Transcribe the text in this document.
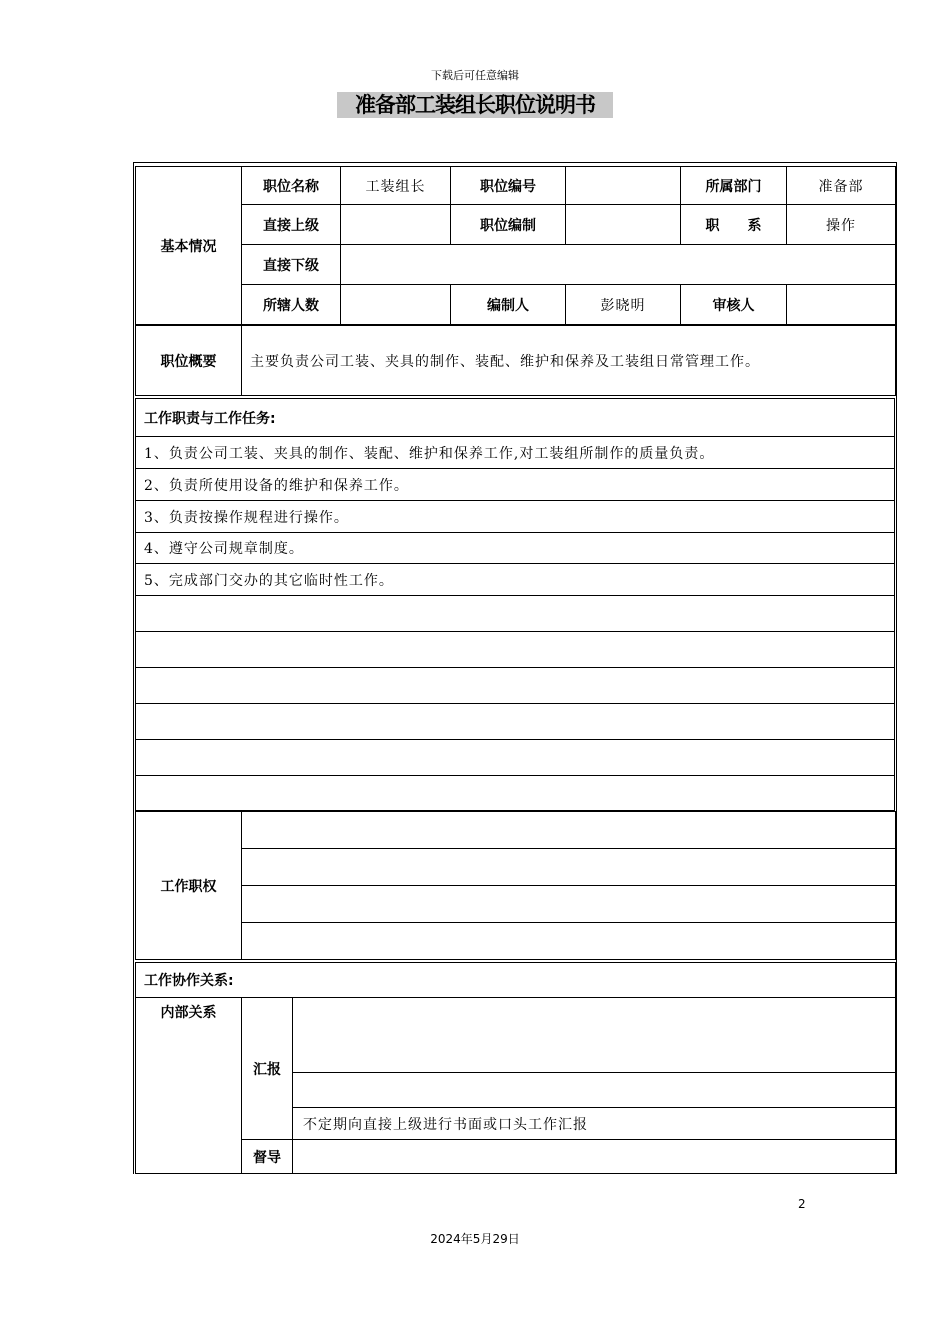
下载后可任意编辑
准备部工装组长职位说明书
基本情况	职位名称	工装组长	职位编号		所属部门	准备部
	直接上级		职位编制		职　　系	操作
	直接下级					
	所辖人数		编制人	彭晓明	审核人	
职位概要	主要负责公司工装、夹具的制作、装配、维护和保养及工装组日常管理工作。
工作职责与工作任务:
1、负责公司工装、夹具的制作、装配、维护和保养工作,对工装组所制作的质量负责。
2、负责所使用设备的维护和保养工作。
3、负责按操作规程进行操作。
4、遵守公司规章制度。
5、完成部门交办的其它临时性工作。

工作职权	

工作协作关系:		
内部关系	汇报	

		不定期向直接上级进行书面或口头工作汇报
	督导	
2
2024年5月29日
